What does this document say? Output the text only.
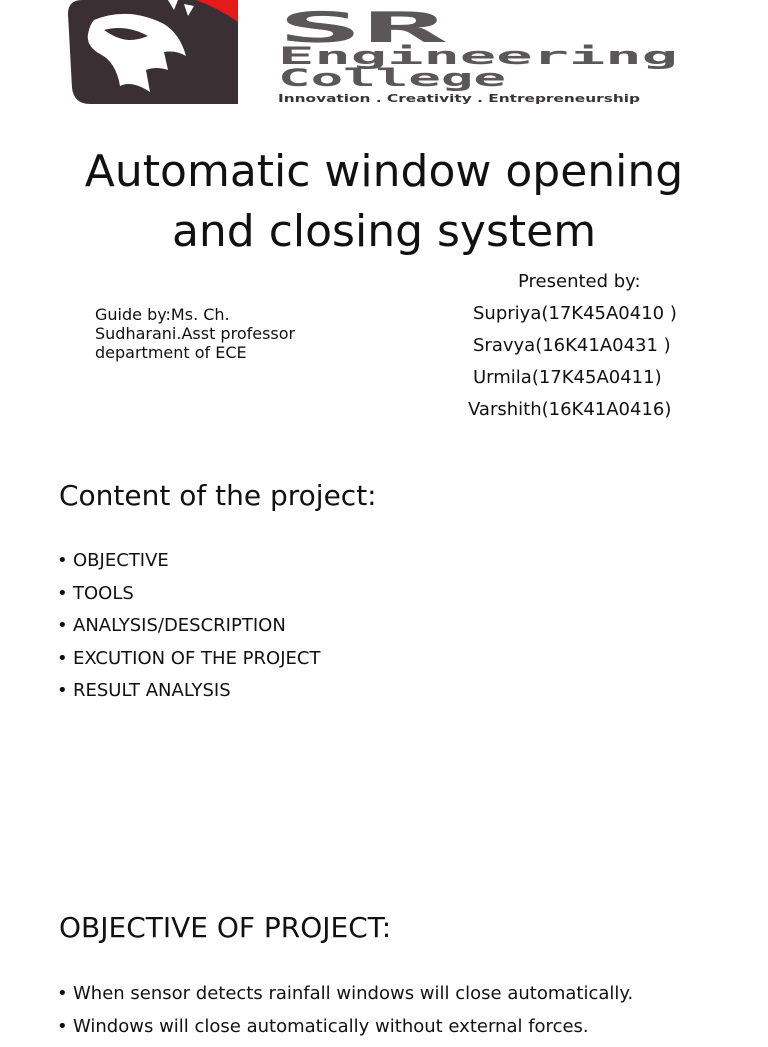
SR
Engineering
College
Innovation . Creativity . Entrepreneurship
Automatic window opening
and closing system
Presented by:
Guide by:Ms. Ch.
Sudharani.Asst professor
department of ECE
Supriya(17K45A0410 )
Sravya(16K41A0431 )
Urmila(17K45A0411)
Varshith(16K41A0416)
Content of the project:
• OBJECTIVE
• TOOLS
• ANALYSIS/DESCRIPTION
• EXCUTION OF THE PROJECT
• RESULT ANALYSIS
OBJECTIVE OF PROJECT:
• When sensor detects rainfall windows will close automatically.
• Windows will close automatically without external forces.
